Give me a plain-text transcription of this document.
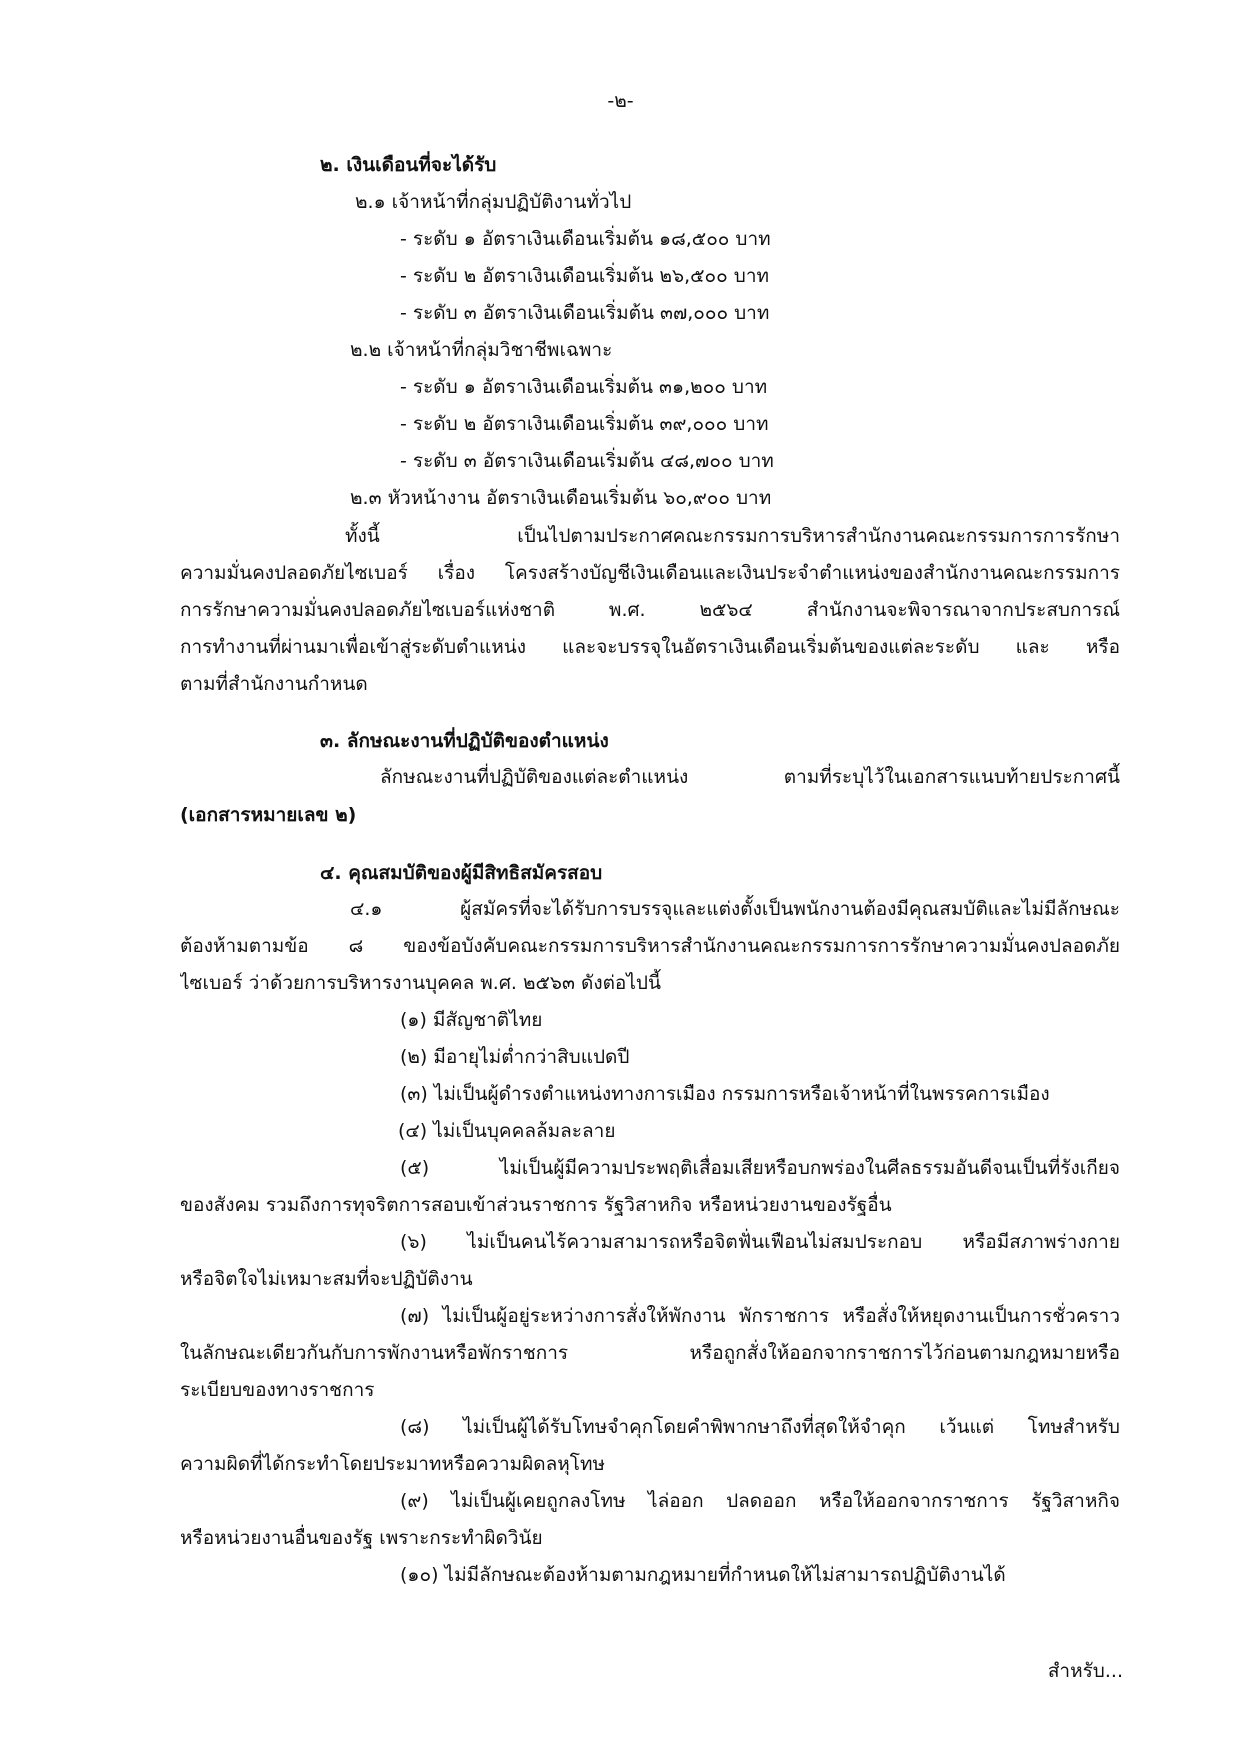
-๒-
๒. เงินเดือนที่จะได้รับ
๒.๑ เจ้าหน้าที่กลุ่มปฏิบัติงานทั่วไป
- ระดับ ๑ อัตราเงินเดือนเริ่มต้น ๑๘,๕๐๐ บาท
- ระดับ ๒ อัตราเงินเดือนเริ่มต้น ๒๖,๕๐๐ บาท
- ระดับ ๓ อัตราเงินเดือนเริ่มต้น ๓๗,๐๐๐ บาท
๒.๒ เจ้าหน้าที่กลุ่มวิชาชีพเฉพาะ
- ระดับ ๑ อัตราเงินเดือนเริ่มต้น ๓๑,๒๐๐ บาท
- ระดับ ๒ อัตราเงินเดือนเริ่มต้น ๓๙,๐๐๐ บาท
- ระดับ ๓ อัตราเงินเดือนเริ่มต้น ๔๘,๗๐๐ บาท
๒.๓ หัวหน้างาน อัตราเงินเดือนเริ่มต้น ๖๐,๙๐๐ บาท
ทั้งนี้ เป็นไปตามประกาศคณะกรรมการบริหารสำนักงานคณะกรรมการการรักษา
ความมั่นคงปลอดภัยไซเบอร์ เรื่อง โครงสร้างบัญชีเงินเดือนและเงินประจำตำแหน่งของสำนักงานคณะกรรมการ
การรักษาความมั่นคงปลอดภัยไซเบอร์แห่งชาติ พ.ศ. ๒๕๖๔ สำนักงานจะพิจารณาจากประสบการณ์
การทำงานที่ผ่านมาเพื่อเข้าสู่ระดับตำแหน่ง และจะบรรจุในอัตราเงินเดือนเริ่มต้นของแต่ละระดับ และ หรือ
ตามที่สำนักงานกำหนด
๓. ลักษณะงานที่ปฏิบัติของตำแหน่ง
ลักษณะงานที่ปฏิบัติของแต่ละตำแหน่ง ตามที่ระบุไว้ในเอกสารแนบท้ายประกาศนี้
(เอกสารหมายเลข ๒)
๔. คุณสมบัติของผู้มีสิทธิสมัครสอบ
๔.๑ ผู้สมัครที่จะได้รับการบรรจุและแต่งตั้งเป็นพนักงานต้องมีคุณสมบัติและไม่มีลักษณะ
ต้องห้ามตามข้อ ๘ ของข้อบังคับคณะกรรมการบริหารสำนักงานคณะกรรมการการรักษาความมั่นคงปลอดภัย
ไซเบอร์ ว่าด้วยการบริหารงานบุคคล พ.ศ. ๒๕๖๓ ดังต่อไปนี้
(๑) มีสัญชาติไทย
(๒) มีอายุไม่ต่ำกว่าสิบแปดปี
(๓) ไม่เป็นผู้ดำรงตำแหน่งทางการเมือง กรรมการหรือเจ้าหน้าที่ในพรรคการเมือง
(๔) ไม่เป็นบุคคลล้มละลาย
(๕) ไม่เป็นผู้มีความประพฤติเสื่อมเสียหรือบกพร่องในศีลธรรมอันดีจนเป็นที่รังเกียจ
ของสังคม รวมถึงการทุจริตการสอบเข้าส่วนราชการ รัฐวิสาหกิจ หรือหน่วยงานของรัฐอื่น
(๖) ไม่เป็นคนไร้ความสามารถหรือจิตฟั่นเฟือนไม่สมประกอบ หรือมีสภาพร่างกาย
หรือจิตใจไม่เหมาะสมที่จะปฏิบัติงาน
(๗) ไม่เป็นผู้อยู่ระหว่างการสั่งให้พักงาน พักราชการ หรือสั่งให้หยุดงานเป็นการชั่วคราว
ในลักษณะเดียวกันกับการพักงานหรือพักราชการ หรือถูกสั่งให้ออกจากราชการไว้ก่อนตามกฎหมายหรือ
ระเบียบของทางราชการ
(๘) ไม่เป็นผู้ได้รับโทษจำคุกโดยคำพิพากษาถึงที่สุดให้จำคุก เว้นแต่ โทษสำหรับ
ความผิดที่ได้กระทำโดยประมาทหรือความผิดลหุโทษ
(๙) ไม่เป็นผู้เคยถูกลงโทษ ไล่ออก ปลดออก หรือให้ออกจากราชการ รัฐวิสาหกิจ
หรือหน่วยงานอื่นของรัฐ เพราะกระทำผิดวินัย
(๑๐) ไม่มีลักษณะต้องห้ามตามกฎหมายที่กำหนดให้ไม่สามารถปฏิบัติงานได้
สำหรับ...
